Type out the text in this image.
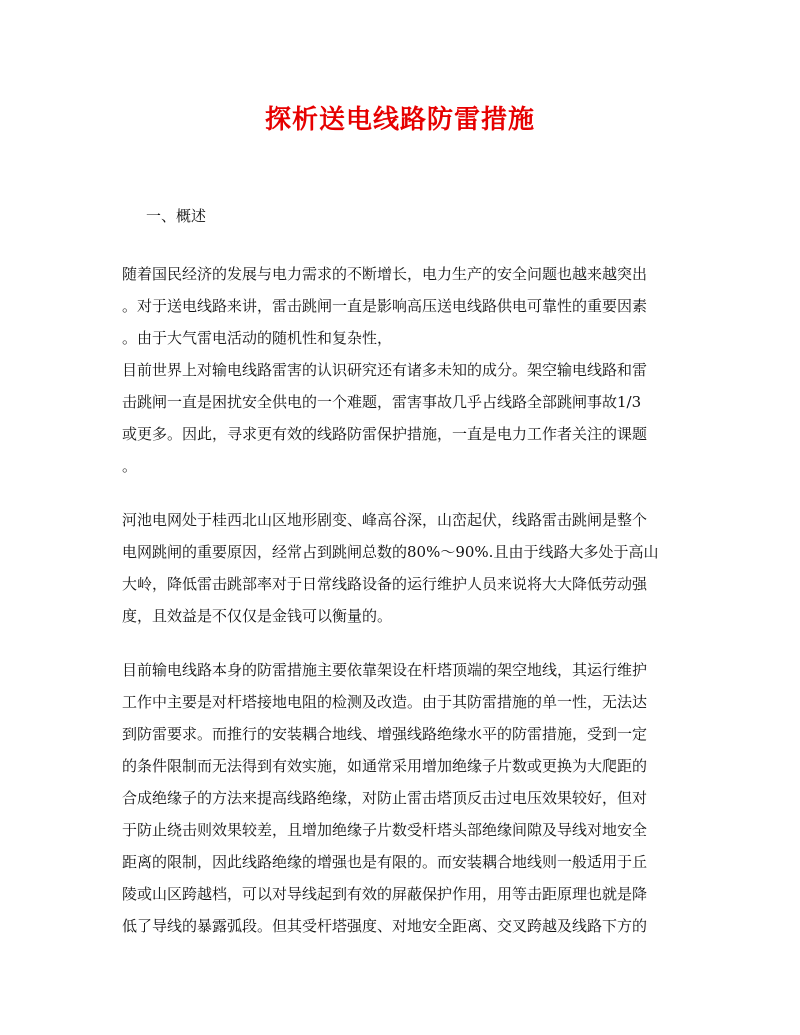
探析送电线路防雷措施
一、概述
随着国民经济的发展与电力需求的不断增长，电力生产的安全问题也越来越突出
。对于送电线路来讲，雷击跳闸一直是影响高压送电线路供电可靠性的重要因素
。由于大气雷电活动的随机性和复杂性，
目前世界上对输电线路雷害的认识研究还有诸多未知的成分。架空输电线路和雷
击跳闸一直是困扰安全供电的一个难题，雷害事故几乎占线路全部跳闸事故1/3
或更多。因此，寻求更有效的线路防雷保护措施，一直是电力工作者关注的课题
。
河池电网处于桂西北山区地形剧变、峰高谷深，山峦起伏，线路雷击跳闸是整个
电网跳闸的重要原因，经常占到跳闸总数的80%～90%.且由于线路大多处于高山
大岭，降低雷击跳部率对于日常线路设备的运行维护人员来说将大大降低劳动强
度，且效益是不仅仅是金钱可以衡量的。
目前输电线路本身的防雷措施主要依靠架设在杆塔顶端的架空地线，其运行维护
工作中主要是对杆塔接地电阻的检测及改造。由于其防雷措施的单一性，无法达
到防雷要求。而推行的安装耦合地线、增强线路绝缘水平的防雷措施，受到一定
的条件限制而无法得到有效实施，如通常采用增加绝缘子片数或更换为大爬距的
合成绝缘子的方法来提高线路绝缘，对防止雷击塔顶反击过电压效果较好，但对
于防止绕击则效果较差，且增加绝缘子片数受杆塔头部绝缘间隙及导线对地安全
距离的限制，因此线路绝缘的增强也是有限的。而安装耦合地线则一般适用于丘
陵或山区跨越档，可以对导线起到有效的屏蔽保护作用，用等击距原理也就是降
低了导线的暴露弧段。但其受杆塔强度、对地安全距离、交叉跨越及线路下方的
